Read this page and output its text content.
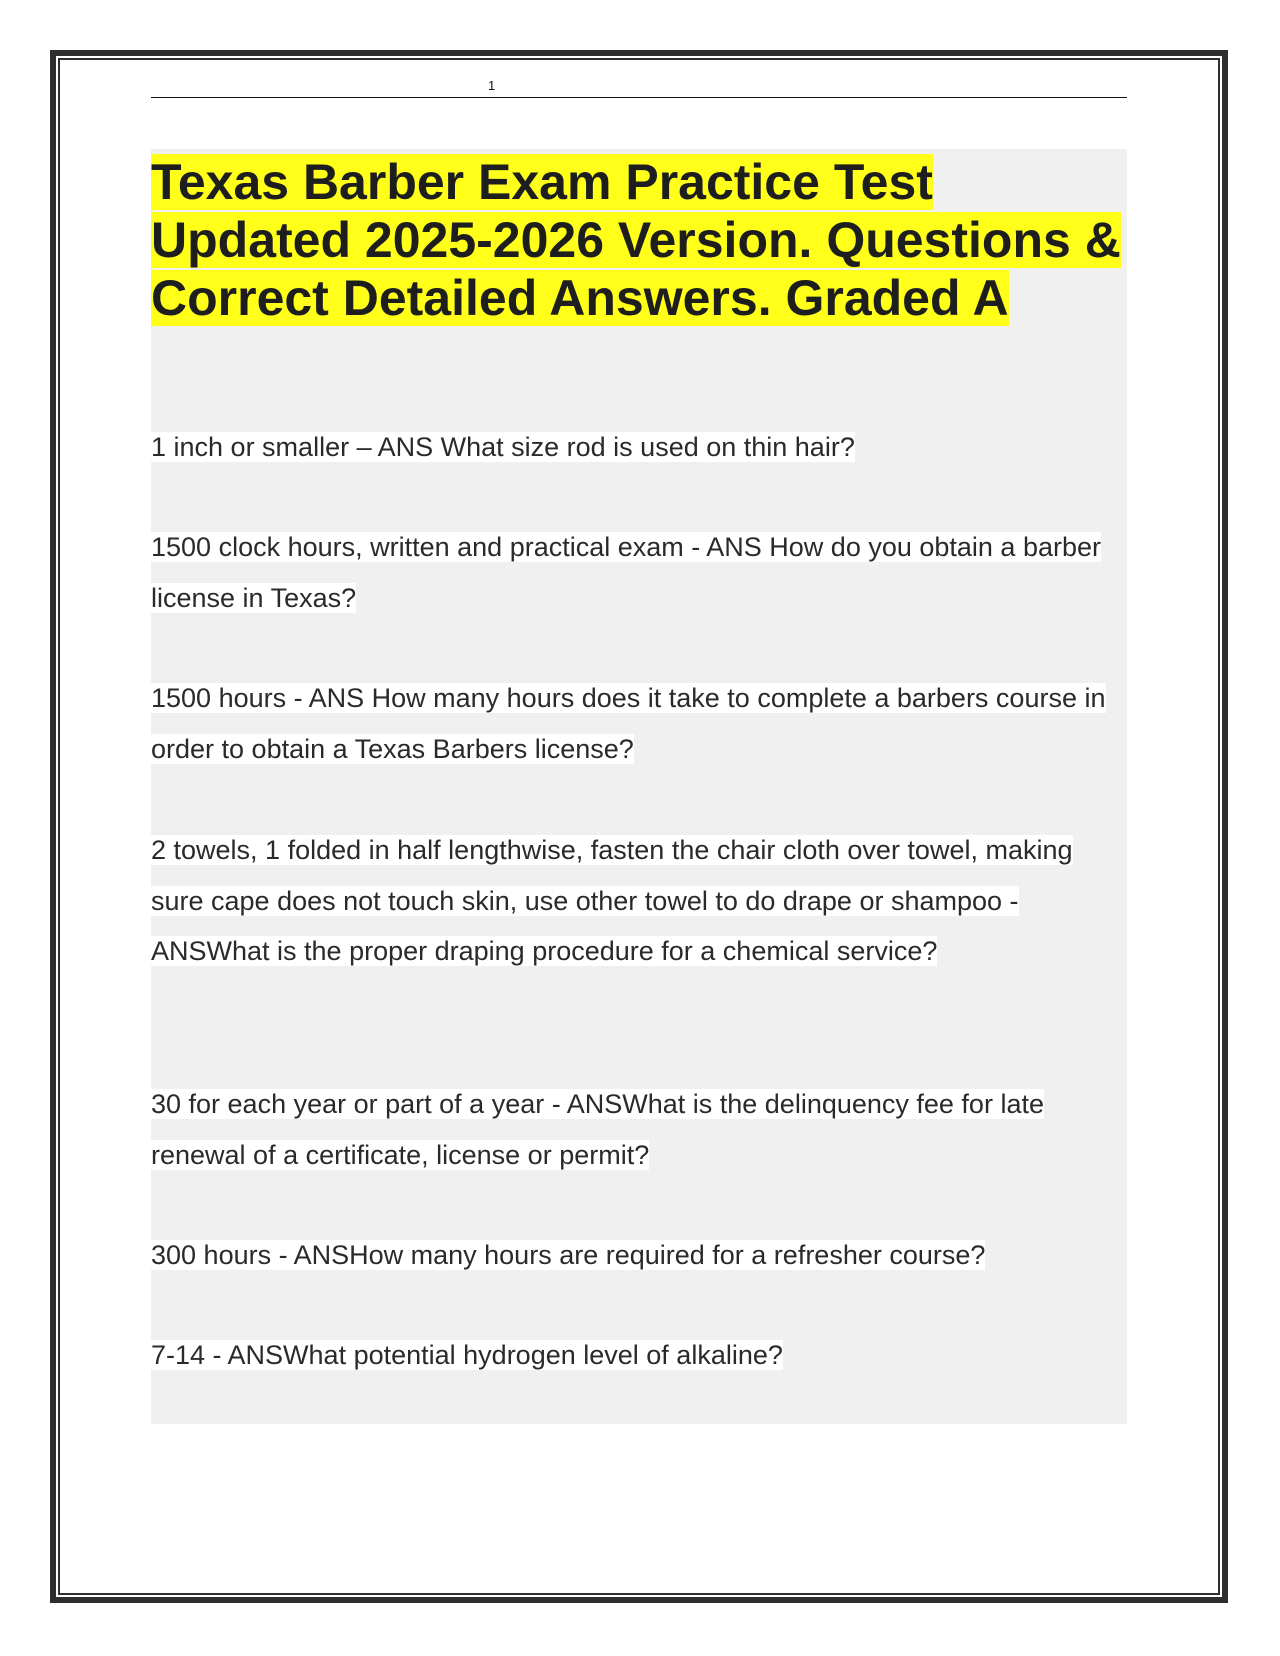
1
Texas Barber Exam Practice Test Updated 2025-2026 Version. Questions & Correct Detailed Answers. Graded A

1 inch or smaller – ANS What size rod is used on thin hair?

1500 clock hours, written and practical exam - ANS How do you obtain a barber license in Texas?

1500 hours - ANS How many hours does it take to complete a barbers course in order to obtain a Texas Barbers license?

2 towels, 1 folded in half lengthwise, fasten the chair cloth over towel, making sure cape does not touch skin, use other towel to do drape or shampoo - ANSWhat is the proper draping procedure for a chemical service?

30 for each year or part of a year - ANSWhat is the delinquency fee for late renewal of a certificate, license or permit?

300 hours - ANSHow many hours are required for a refresher course?

7-14 - ANSWhat potential hydrogen level of alkaline?
